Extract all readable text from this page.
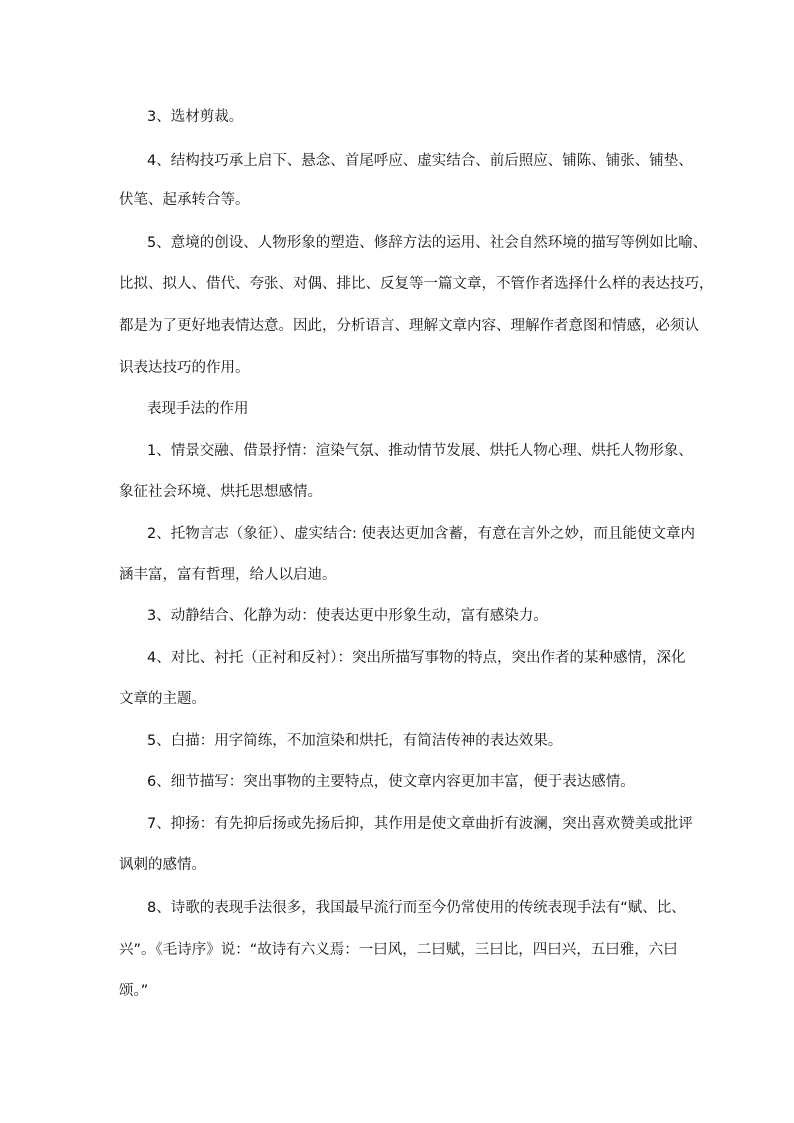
3、选材剪裁。
4、结构技巧承上启下、悬念、首尾呼应、虚实结合、前后照应、铺陈、铺张、铺垫、
伏笔、起承转合等。
5、意境的创设、人物形象的塑造、修辞方法的运用、社会自然环境的描写等例如比喻、
比拟、拟人、借代、夸张、对偶、排比、反复等一篇文章，不管作者选择什么样的表达技巧，
都是为了更好地表情达意。因此，分析语言、理解文章内容、理解作者意图和情感，必须认
识表达技巧的作用。
表现手法的作用
1、情景交融、借景抒情：渲染气氛、推动情节发展、烘托人物心理、烘托人物形象、
象征社会环境、烘托思想感情。
2、托物言志（象征）、虚实结合: 使表达更加含蓄，有意在言外之妙，而且能使文章内
涵丰富，富有哲理，给人以启迪。
3、动静结合、化静为动：使表达更中形象生动，富有感染力。
4、对比、衬托（正衬和反衬）：突出所描写事物的特点，突出作者的某种感情，深化
文章的主题。
5、白描：用字简练，不加渲染和烘托，有简洁传神的表达效果。
6、细节描写：突出事物的主要特点，使文章内容更加丰富，便于表达感情。
7、抑扬：有先抑后扬或先扬后抑，其作用是使文章曲折有波澜，突出喜欢赞美或批评
讽刺的感情。
8、诗歌的表现手法很多，我国最早流行而至今仍常使用的传统表现手法有“赋、比、
兴”。《毛诗序》说：“故诗有六义焉：一曰风，二曰赋，三曰比，四曰兴，五曰雅，六曰
颂。”
